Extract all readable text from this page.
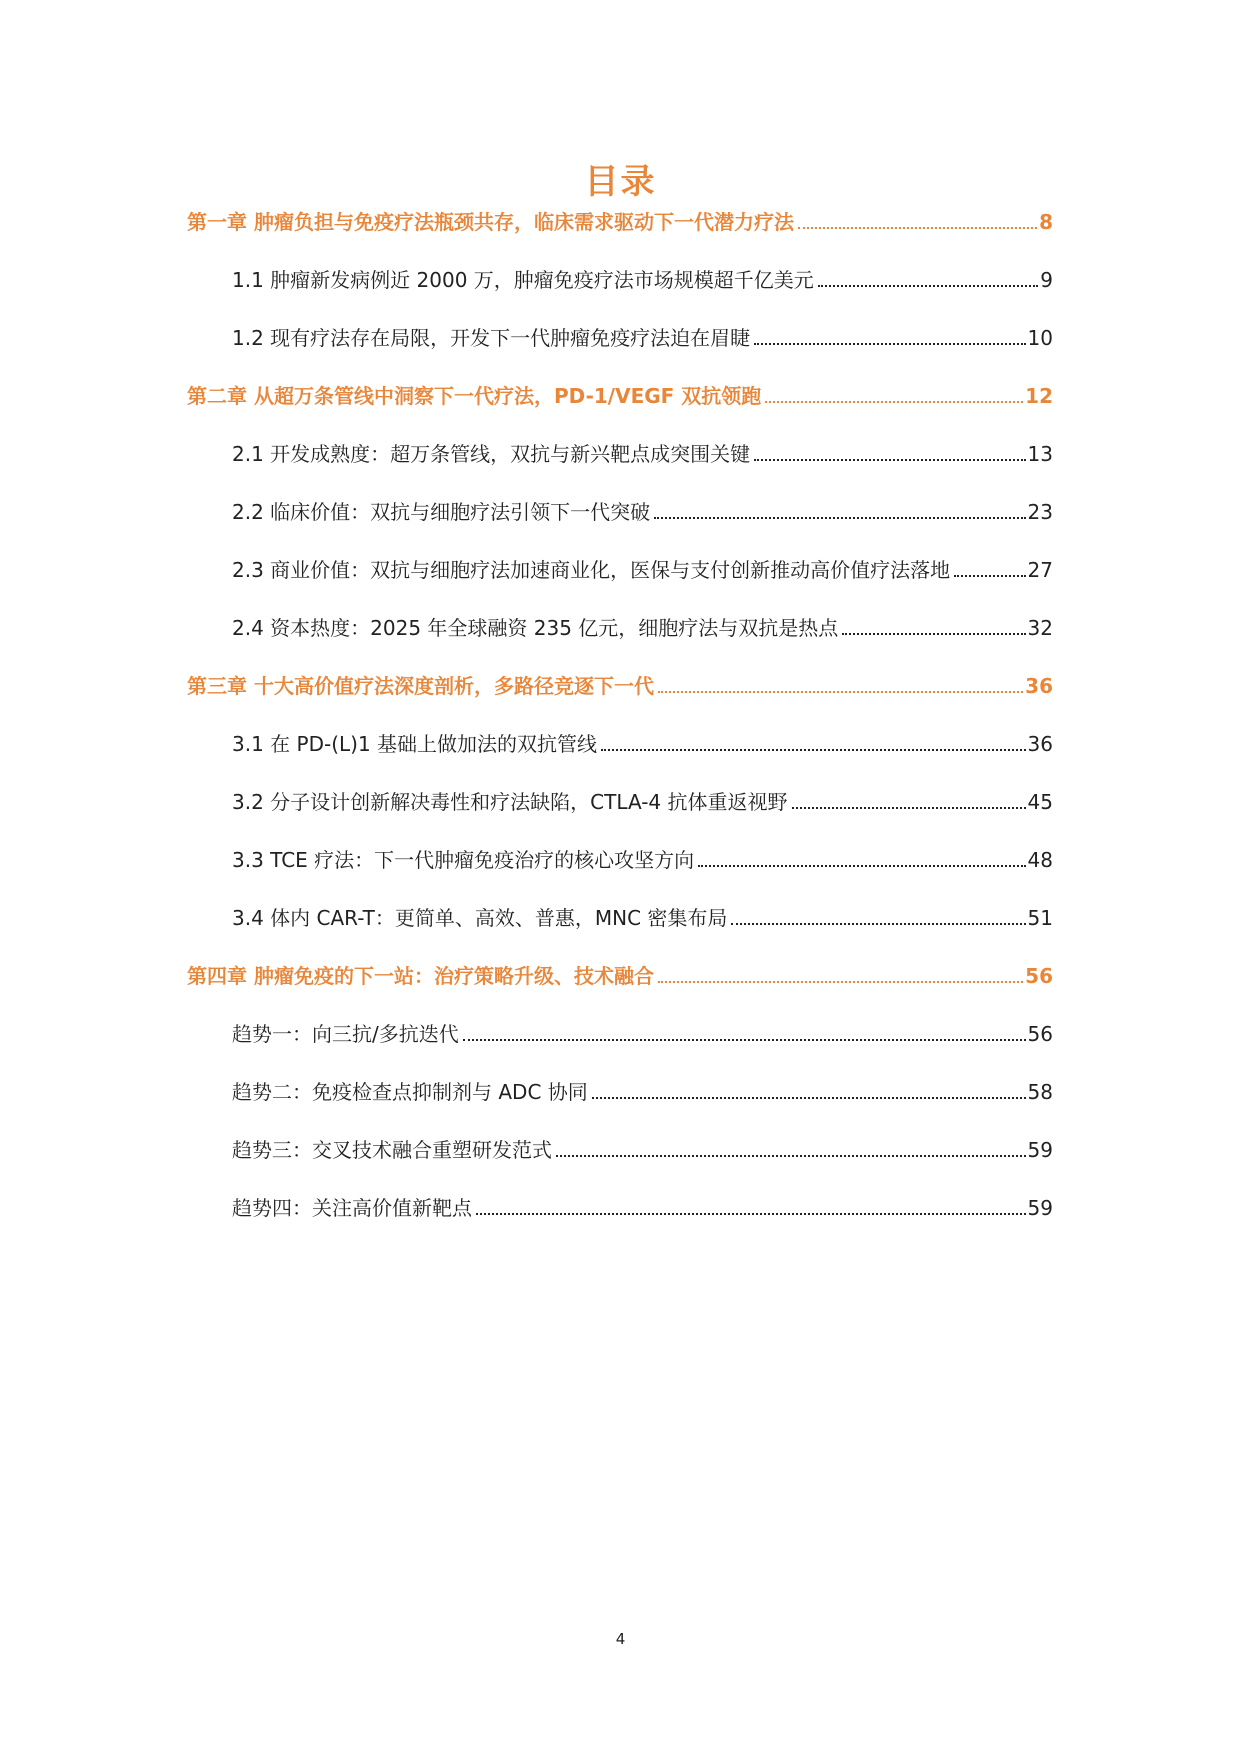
目录
第一章 肿瘤负担与免疫疗法瓶颈共存，临床需求驱动下一代潜力疗法	8
1.1 肿瘤新发病例近 2000 万，肿瘤免疫疗法市场规模超千亿美元	9
1.2 现有疗法存在局限，开发下一代肿瘤免疫疗法迫在眉睫	10
第二章 从超万条管线中洞察下一代疗法，PD-1/VEGF 双抗领跑	12
2.1 开发成熟度：超万条管线，双抗与新兴靶点成突围关键	13
2.2 临床价值：双抗与细胞疗法引领下一代突破	23
2.3 商业价值：双抗与细胞疗法加速商业化，医保与支付创新推动高价值疗法落地	27
2.4 资本热度：2025 年全球融资 235 亿元，细胞疗法与双抗是热点	32
第三章 十大高价值疗法深度剖析，多路径竞逐下一代	36
3.1 在 PD-(L)1 基础上做加法的双抗管线	36
3.2 分子设计创新解决毒性和疗法缺陷，CTLA-4 抗体重返视野	45
3.3 TCE 疗法：下一代肿瘤免疫治疗的核心攻坚方向	48
3.4 体内 CAR-T：更简单、高效、普惠，MNC 密集布局	51
第四章 肿瘤免疫的下一站：治疗策略升级、技术融合	56
趋势一：向三抗/多抗迭代	56
趋势二：免疫检查点抑制剂与 ADC 协同	58
趋势三：交叉技术融合重塑研发范式	59
趋势四：关注高价值新靶点	59
4
